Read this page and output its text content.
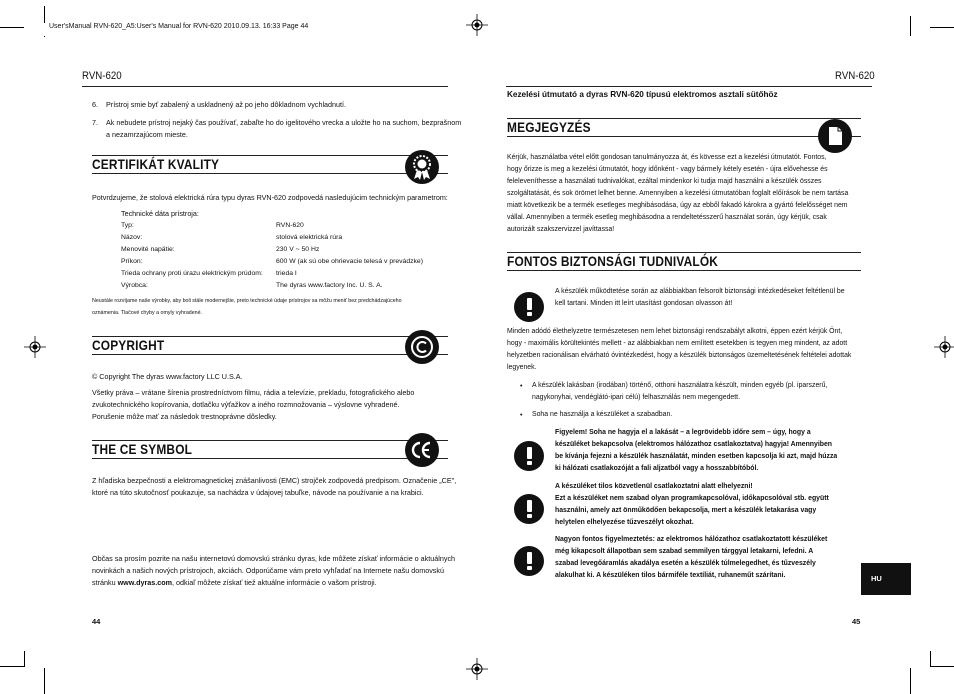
User'sManual RVN-620_A5:User's Manual for RVN-620 2010.09.13. 16:33 Page 44
RVN-620
6. Prístroj smie byť zabalený a uskladnený až po jeho dôkladnom vychladnutí.
7. Ak nebudete prístroj nejaký čas používať, zabaľte ho do igelitového vrecka a uložte ho na suchom, bezprašnom
a nezamrzajúcom mieste.
CERTIFIKÁT KVALITY
Potvrdzujeme, že stolová elektrická rúra typu dyras RVN-620 zodpovedá nasledujúcim technickým parametrom:
Technické dáta prístroja:
Typ:	RVN-620
Názov:	stolová elektrická rúra
Menovité napätie:	230 V ~ 50 Hz
Príkon:	600 W (ak sú obe ohrievacie telesá v prevádzke)
Trieda ochrany proti úrazu elektrickým prúdom: trieda I
Výrobca:	The dyras www.factory Inc. U. S. A.
Neustále rozvíjame naše výrobky, aby boli stále modernejšie, preto technické údaje prístrojov sa môžu meniť bez predchádzajúceho
oznámenia. Tlačové chyby a omyly vyhradené.
COPYRIGHT
© Copyright The dyras www.factory LLC U.S.A.
Všetky práva – vrátane šírenia prostredníctvom filmu, rádia a televízie, prekladu, fotografického alebo
zvukotechnického kopírovania, dotlačku výťažkov a iného rozmnožovania – výslovne vyhradené.
Porušenie môže mať za následok trestnoprávne dôsledky.
THE CE SYMBOL
Z hľadiska bezpečnosti a elektromagnetickej znášanlivosti (EMC) strojček zodpovedá predpisom. Označenie „CE",
ktoré na túto skutočnosť poukazuje, sa nachádza v údajovej tabuľke, návode na používanie a na krabici.
Občas sa prosím pozrite na našu internetovú domovskú stránku dyras, kde môžete získať informácie o aktuálnych
novinkách a našich nových prístrojoch, akciách. Odporúčame vám preto vyhľadať na Internete našu domovskú
stránku www.dyras.com, odkiaľ môžete získať tiež aktuálne informácie o vašom prístroji.
44
RVN-620
Kezelési útmutató a dyras RVN-620 típusú elektromos asztali sütőhöz
MEGJEGYZÉS
Kérjük, használatba vétel előtt gondosan tanulmányozza át, és kövesse ezt a kezelési útmutatót. Fontos,
hogy őrizze is meg a kezelési útmutatót, hogy időnként - vagy bármely kétely esetén - újra elővehesse és
feleleveníthesse a használati tudnivalókat, ezáltal mindenkor ki tudja majd használni a készülék összes
szolgáltatását, és sok örömet lelhet benne. Amennyiben a kezelési útmutatóban foglalt előírások be nem tartása
miatt következik be a termék esetleges meghibásodása, úgy az ebből fakadó károkra a gyártó felelősséget nem
vállal. Amennyiben a termék esetleg meghibásodna a rendeltetésszerű használat során, úgy kérjük, csak
autorizált szakszervizzel javíttassa!
FONTOS BIZTONSÁGI TUDNIVALÓK
A készülék működtetése során az alábbiakban felsorolt biztonsági intézkedéseket feltétlenül be
kell tartani. Minden itt leírt utasítást gondosan olvasson át!
Minden adódó élethelyzetre természetesen nem lehet biztonsági rendszabályt alkotni, éppen ezért kérjük Önt,
hogy - maximális körültekintés mellett - az alábbiakban nem említett esetekben is tegyen meg mindent, az adott
helyzetben racionálisan elvárható óvintézkedést, hogy a készülék biztonságos üzemeltetésének feltételei adottak
legyenek.
• A készülék lakásban (irodában) történő, otthoni használatra készült, minden egyéb (pl. iparszerű,
nagykonyhai, vendéglátó-ipari célú) felhasználás nem megengedett.
• Soha ne használja a készüléket a szabadban.
Figyelem! Soha ne hagyja el a lakását – a legrövidebb időre sem – úgy, hogy a
készüléket bekapcsolva (elektromos hálózathoz csatlakoztatva) hagyja! Amennyiben
be kívánja fejezni a készülék használatát, minden esetben kapcsolja ki azt, majd húzza
ki hálózati csatlakozóját a fali aljzatból vagy a hosszabbítóból.
A készüléket tilos közvetlenül csatlakoztatni alatt elhelyezni!
Ezt a készüléket nem szabad olyan programkapcsolóval, időkapcsolóval stb. együtt
használni, amely azt önműködően bekapcsolja, mert a készülék letakarása vagy
helytelen elhelyezése tűzveszélyt okozhat.
Nagyon fontos figyelmeztetés: az elektromos hálózathoz csatlakoztatott készüléket
még kikapcsolt állapotban sem szabad semmilyen tárggyal letakarni, lefedni. A
szabad levegőáramlás akadálya esetén a készülék túlmelegedhet, és tűzveszély
alakulhat ki. A készüléken tilos bármiféle textíliát, ruhaneműt szárítani.	HU
45
